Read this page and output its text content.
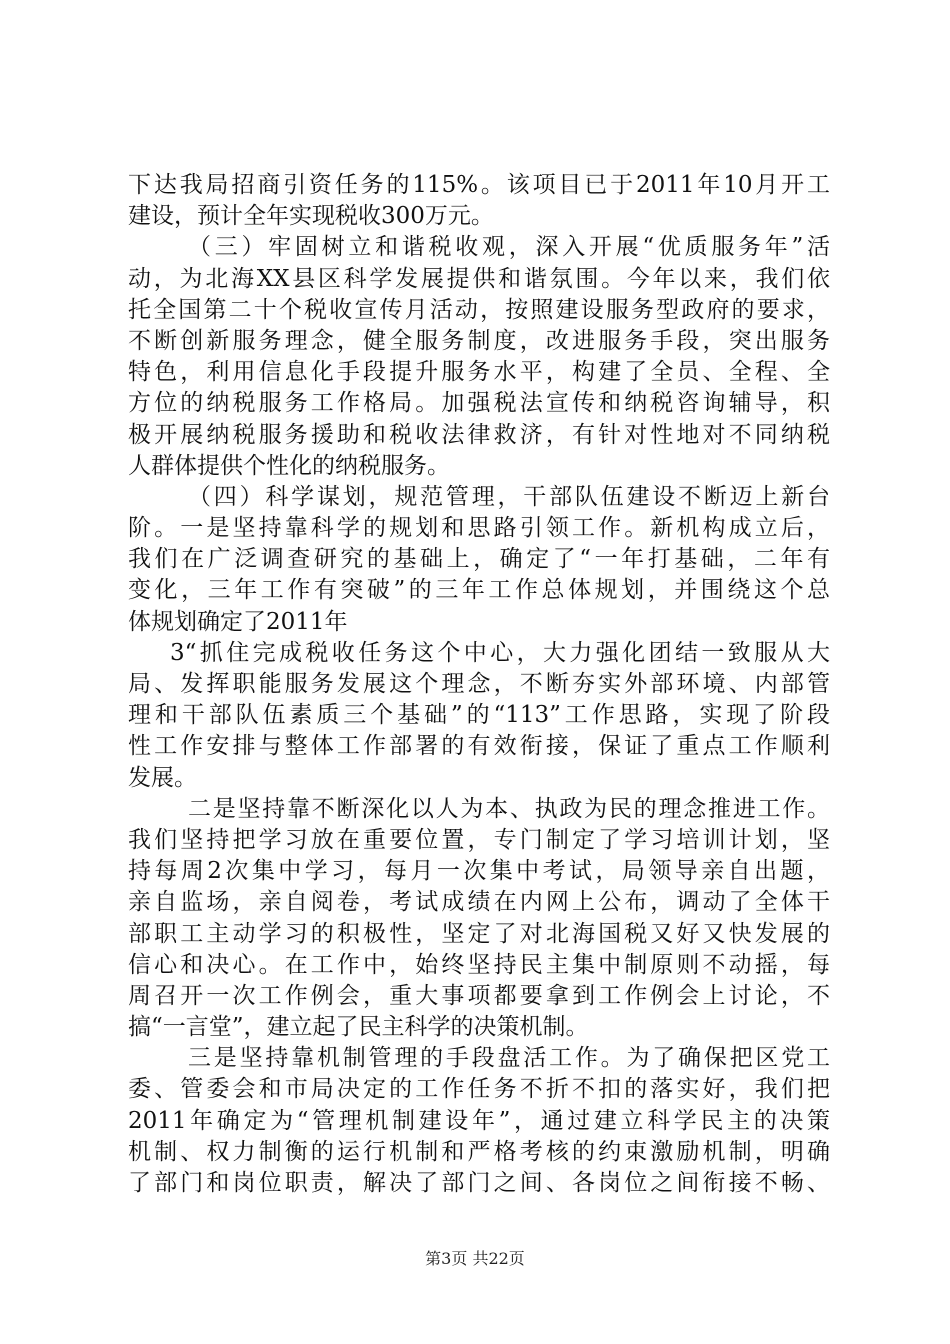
下达我局招商引资任务的115%。该项目已于2011年10月开工
建设，预计全年实现税收300万元。
（三）牢固树立和谐税收观，深入开展“优质服务年”活
动，为北海XX县区科学发展提供和谐氛围。今年以来，我们依
托全国第二十个税收宣传月活动，按照建设服务型政府的要求，
不断创新服务理念，健全服务制度，改进服务手段，突出服务
特色，利用信息化手段提升服务水平，构建了全员、全程、全
方位的纳税服务工作格局。加强税法宣传和纳税咨询辅导，积
极开展纳税服务援助和税收法律救济，有针对性地对不同纳税
人群体提供个性化的纳税服务。
（四）科学谋划，规范管理，干部队伍建设不断迈上新台
阶。一是坚持靠科学的规划和思路引领工作。新机构成立后，
我们在广泛调查研究的基础上，确定了“一年打基础，二年有
变化，三年工作有突破”的三年工作总体规划，并围绕这个总
体规划确定了2011年
3“抓住完成税收任务这个中心，大力强化团结一致服从大
局、发挥职能服务发展这个理念，不断夯实外部环境、内部管
理和干部队伍素质三个基础”的“113”工作思路，实现了阶段
性工作安排与整体工作部署的有效衔接，保证了重点工作顺利
发展。
二是坚持靠不断深化以人为本、执政为民的理念推进工作。
我们坚持把学习放在重要位置，专门制定了学习培训计划，坚
持每周2次集中学习，每月一次集中考试，局领导亲自出题，
亲自监场，亲自阅卷，考试成绩在内网上公布，调动了全体干
部职工主动学习的积极性，坚定了对北海国税又好又快发展的
信心和决心。在工作中，始终坚持民主集中制原则不动摇，每
周召开一次工作例会，重大事项都要拿到工作例会上讨论，不
搞“一言堂”，建立起了民主科学的决策机制。
三是坚持靠机制管理的手段盘活工作。为了确保把区党工
委、管委会和市局决定的工作任务不折不扣的落实好，我们把
2011年确定为“管理机制建设年”，通过建立科学民主的决策
机制、权力制衡的运行机制和严格考核的约束激励机制，明确
了部门和岗位职责，解决了部门之间、各岗位之间衔接不畅、
第3页 共22页
